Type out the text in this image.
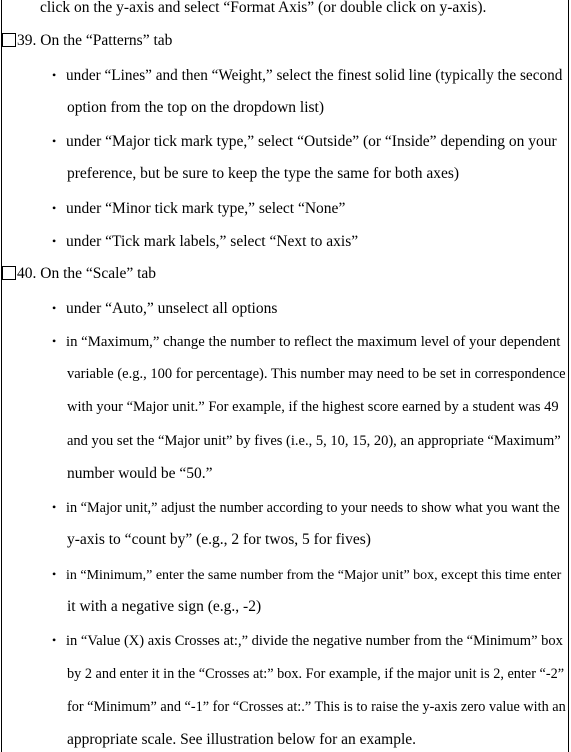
click on the y-axis and select “Format Axis” (or double click on y-axis).
39. On the “Patterns” tab
• under “Lines” and then “Weight,” select the finest solid line (typically the second
option from the top on the dropdown list)
• under “Major tick mark type,” select “Outside” (or “Inside” depending on your
preference, but be sure to keep the type the same for both axes)
• under “Minor tick mark type,” select “None”
• under “Tick mark labels,” select “Next to axis”
40. On the “Scale” tab
• under “Auto,” unselect all options
• in “Maximum,” change the number to reflect the maximum level of your dependent
variable (e.g., 100 for percentage). This number may need to be set in correspondence
with your “Major unit.” For example, if the highest score earned by a student was 49
and you set the “Major unit” by fives (i.e., 5, 10, 15, 20), an appropriate “Maximum”
number would be “50.”
• in “Major unit,” adjust the number according to your needs to show what you want the
y-axis to “count by” (e.g., 2 for twos, 5 for fives)
• in “Minimum,” enter the same number from the “Major unit” box, except this time enter
it with a negative sign (e.g., -2)
• in “Value (X) axis Crosses at:,” divide the negative number from the “Minimum” box
by 2 and enter it in the “Crosses at:” box. For example, if the major unit is 2, enter “-2”
for “Minimum” and “-1” for “Crosses at:.” This is to raise the y-axis zero value with an
appropriate scale. See illustration below for an example.
